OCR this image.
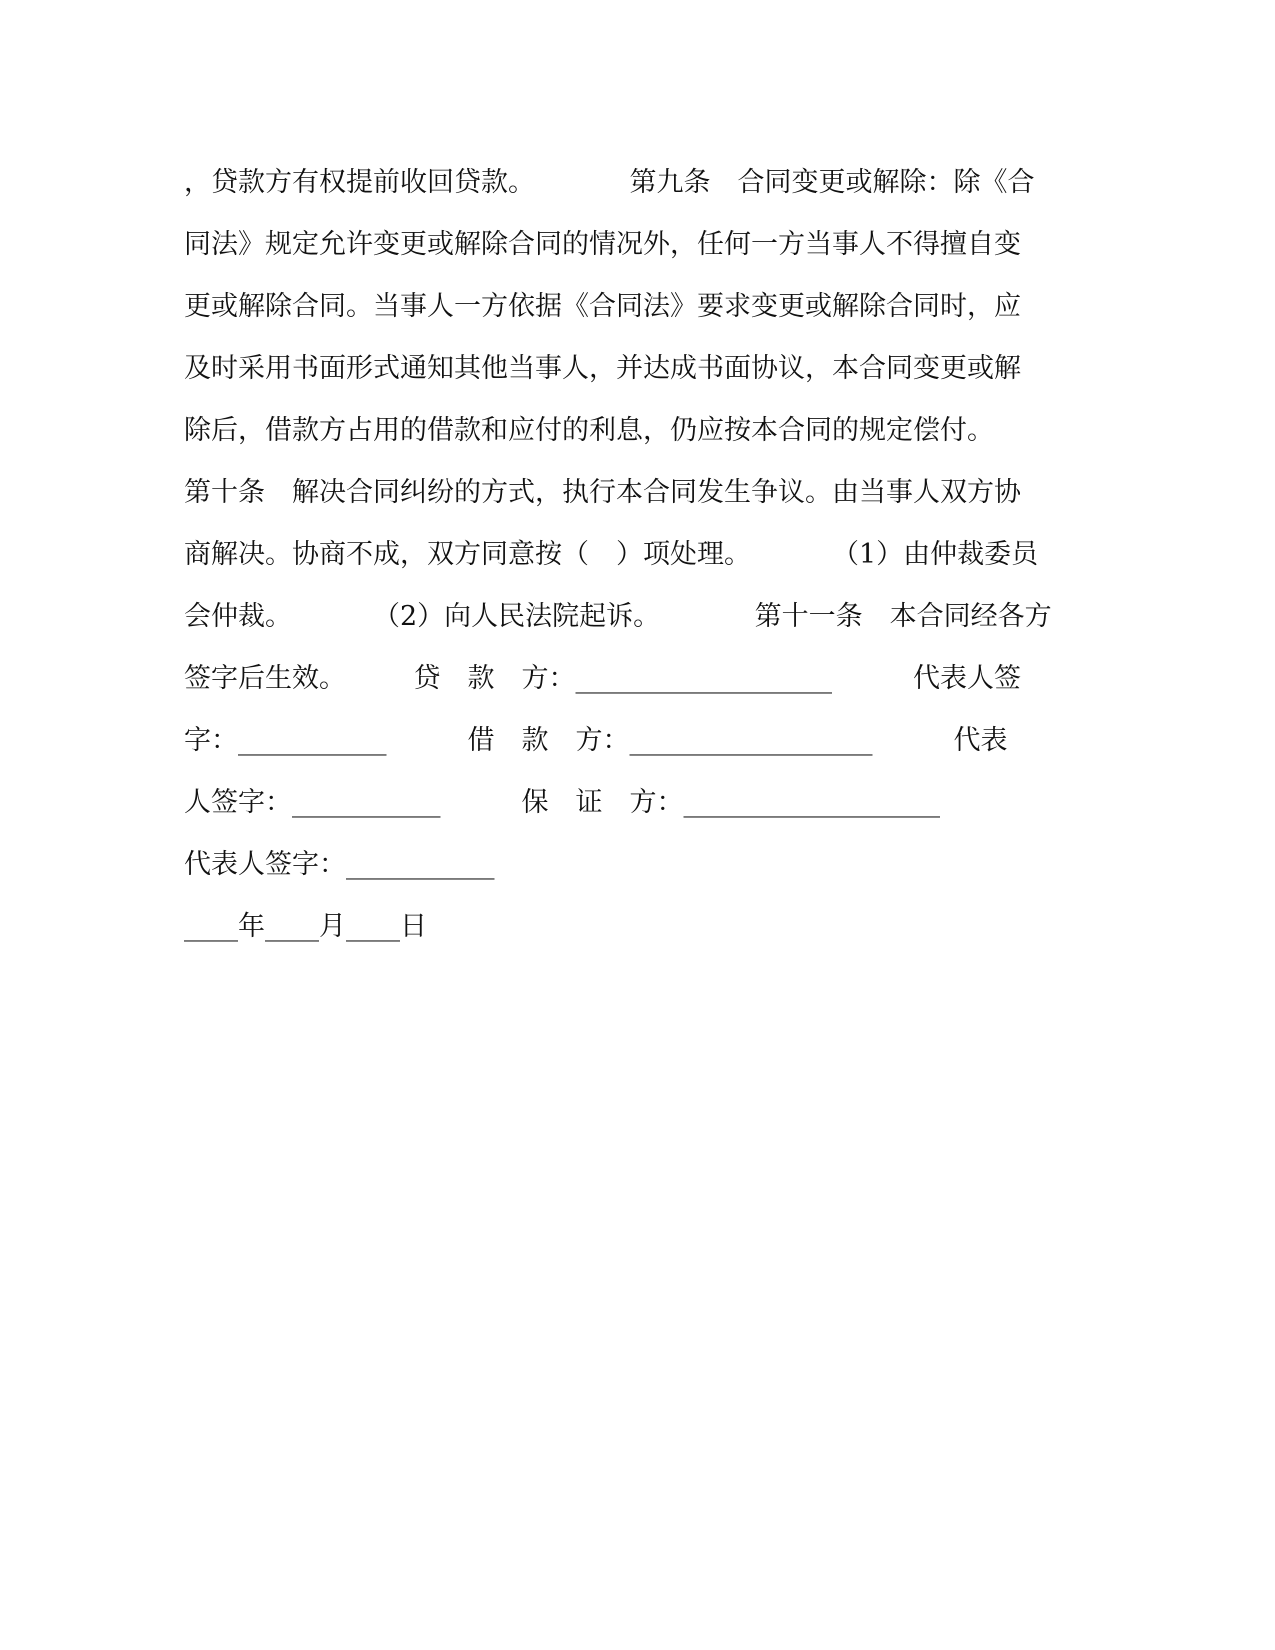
，贷款方有权提前收回贷款。　　　　第九条　合同变更或解除：除《合
同法》规定允许变更或解除合同的情况外，任何一方当事人不得擅自变
更或解除合同。当事人一方依据《合同法》要求变更或解除合同时，应
及时采用书面形式通知其他当事人，并达成书面协议，本合同变更或解
除后，借款方占用的借款和应付的利息，仍应按本合同的规定偿付。
第十条　解决合同纠纷的方式，执行本合同发生争议。由当事人双方协
商解决。协商不成，双方同意按（　）项处理。　　　　（1）由仲裁委员
会仲裁。　　　　（2）向人民法院起诉。　　　　第十一条　本合同经各方
签字后生效。　　　贷　款　方：___________________　　　代表人签
字：___________　　　借　款　方：__________________　　　代表
人签字：___________　　　保　证　方：___________________
代表人签字：___________
____年____月____日
